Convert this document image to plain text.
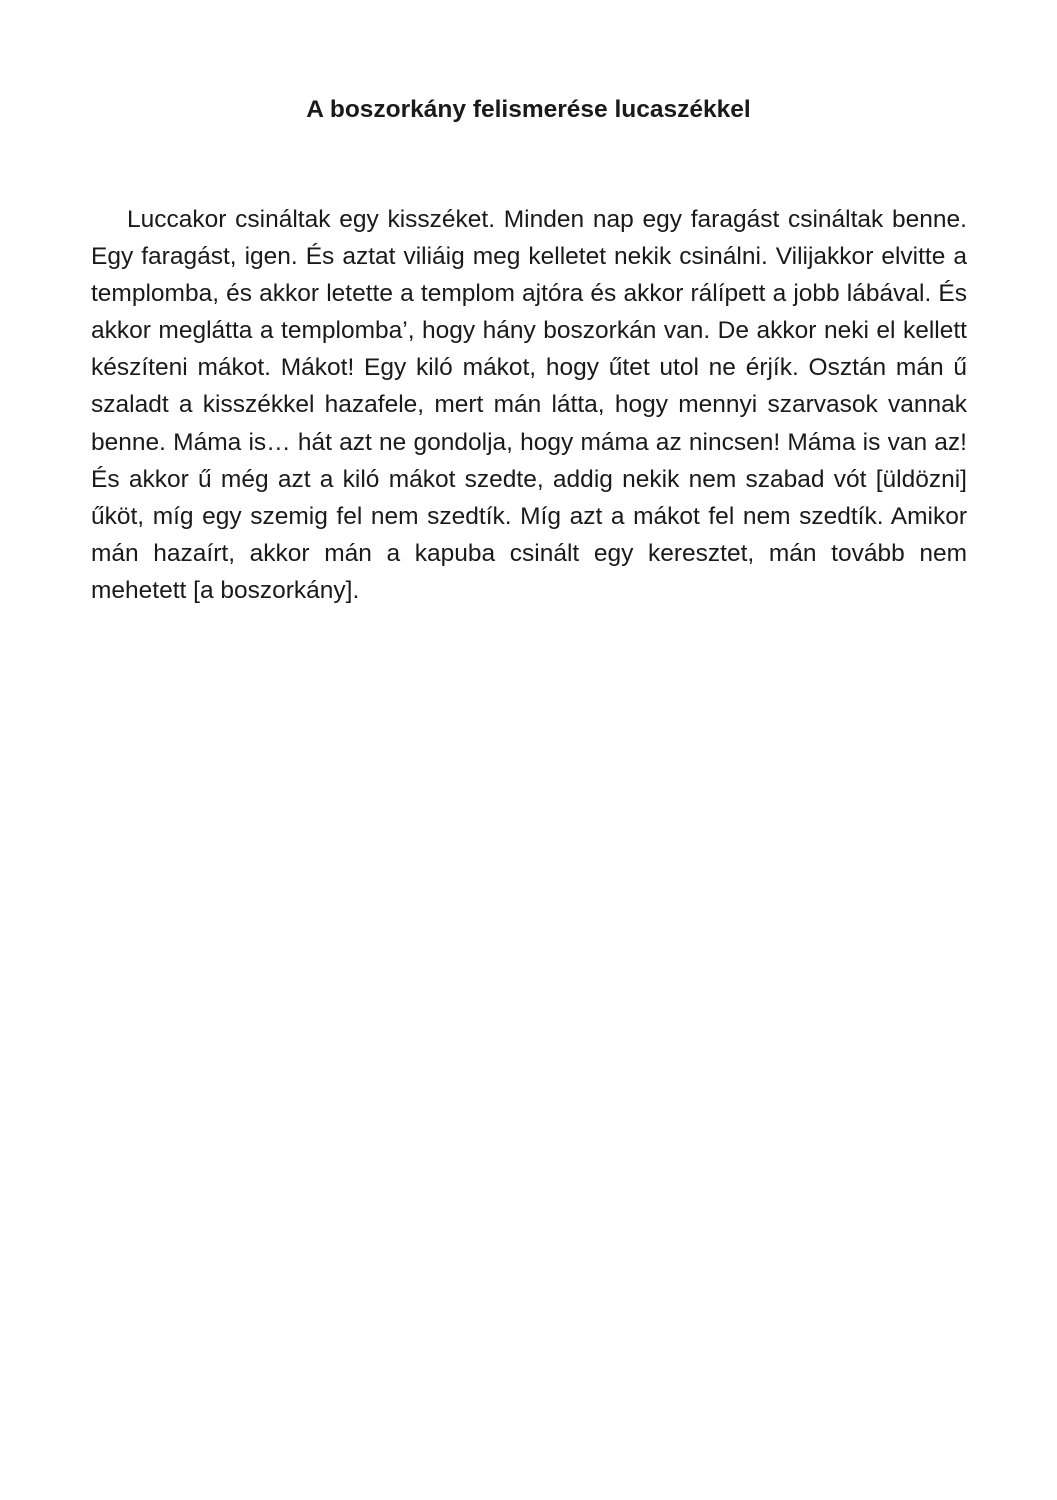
A boszorkány felismerése lucaszékkel

Luccakor csináltak egy kisszéket. Minden nap egy faragást csináltak benne. Egy faragást, igen. És aztat viliáig meg kelletet nekik csinálni. Vilijakkor elvitte a templomba, és akkor letette a templom ajtóra és akkor rálípett a jobb lábával. És akkor meglátta a templomba’, hogy hány boszorkán van. De akkor neki el kellett készíteni mákot. Mákot! Egy kiló mákot, hogy űtet utol ne érjík. Osztán mán ű szaladt a kisszékkel hazafele, mert mán látta, hogy mennyi szarvasok vannak benne. Máma is… hát azt ne gondolja, hogy máma az nincsen! Máma is van az! És akkor ű még azt a kiló mákot szedte, addig nekik nem szabad vót [üldözni] űköt, míg egy szemig fel nem szedtík. Míg azt a mákot fel nem szedtík. Amikor mán hazaírt, akkor mán a kapuba csinált egy keresztet, mán tovább nem mehetett [a boszorkány].
